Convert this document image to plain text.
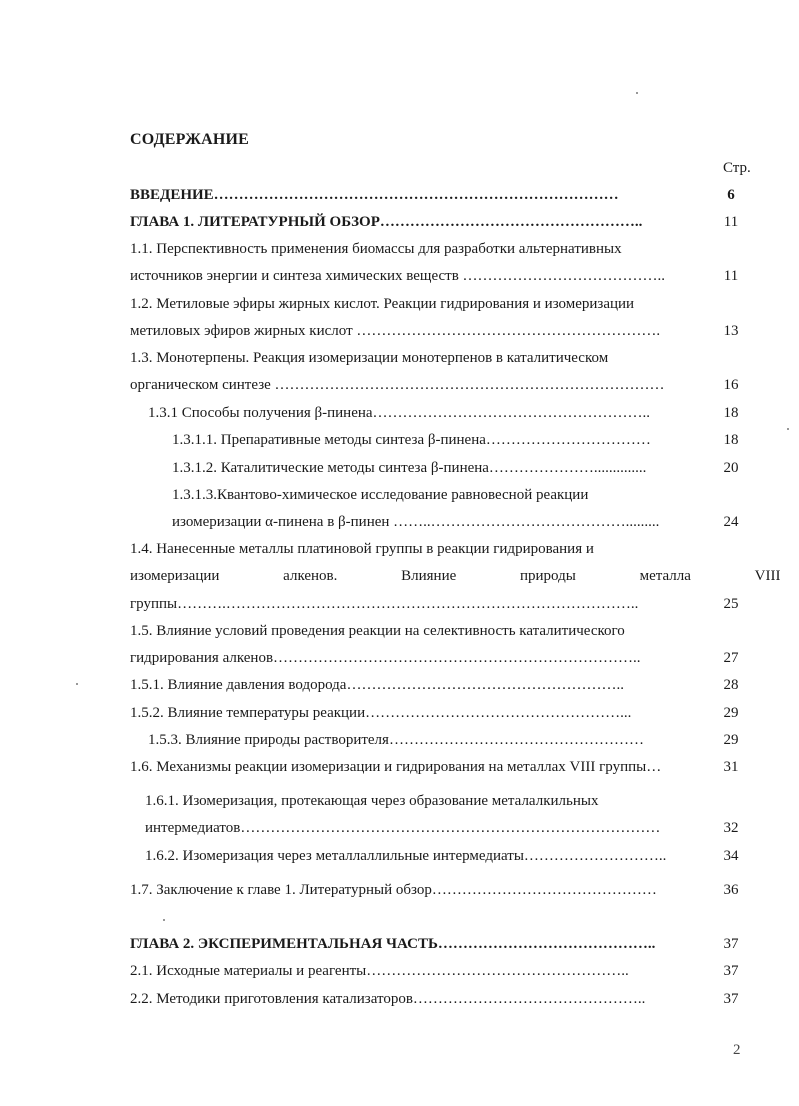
СОДЕРЖАНИЕ
Стр.
ВВЕДЕНИЕ………………………………………………………………………	6
ГЛАВА 1. ЛИТЕРАТУРНЫЙ ОБЗОР……………………………………………..	11
1.1. Перспективность применения биомассы для разработки альтернативных
источников энергии и синтеза химических веществ …………………………………..	11
1.2. Метиловые эфиры жирных кислот. Реакции гидрирования и изомеризации
метиловых эфиров жирных кислот …………………………………………………….	13
1.3. Монотерпены. Реакция изомеризации монотерпенов в каталитическом
органическом синтезе ……………………………………………………………………	16
1.3.1 Способы получения β-пинена………………………………………………..	18
1.3.1.1. Препаративные методы синтеза β-пинена……………………………	18
1.3.1.2. Каталитические методы синтеза β-пинена…………………..............	20
1.3.1.3.Квантово-химическое исследование равновесной реакции
изомеризации α-пинена в β-пинен ……..………………………………….........	24
1.4. Нанесенные металлы платиновой группы в реакции гидрирования и
изомеризации алкенов. Влияние природы металла VIII
группы……….………………………………………………………………………..	25
1.5. Влияние условий проведения реакции на селективность каталитического
гидрирования алкенов………………………………………………………………..	27
1.5.1. Влияние давления водорода………………………………………………..	28
1.5.2. Влияние температуры реакции……………………………………………...	29
1.5.3. Влияние природы растворителя……………………………………………	29
1.6. Механизмы реакции изомеризации и гидрирования на металлах VIII группы…	31
1.6.1. Изомеризация, протекающая через образование металалкильных
интермедиатов…………………………………………………………………………	32
1.6.2. Изомеризация через металлаллильные интермедиаты………………………..	34
1.7. Заключение к главе 1. Литературный обзор………………………………………	36
ГЛАВА 2. ЭКСПЕРИМЕНТАЛЬНАЯ ЧАСТЬ……………………………………..	37
2.1. Исходные материалы и реагенты……………………………………………..	37
2.2. Методики приготовления катализаторов………………………………………..	37
2
